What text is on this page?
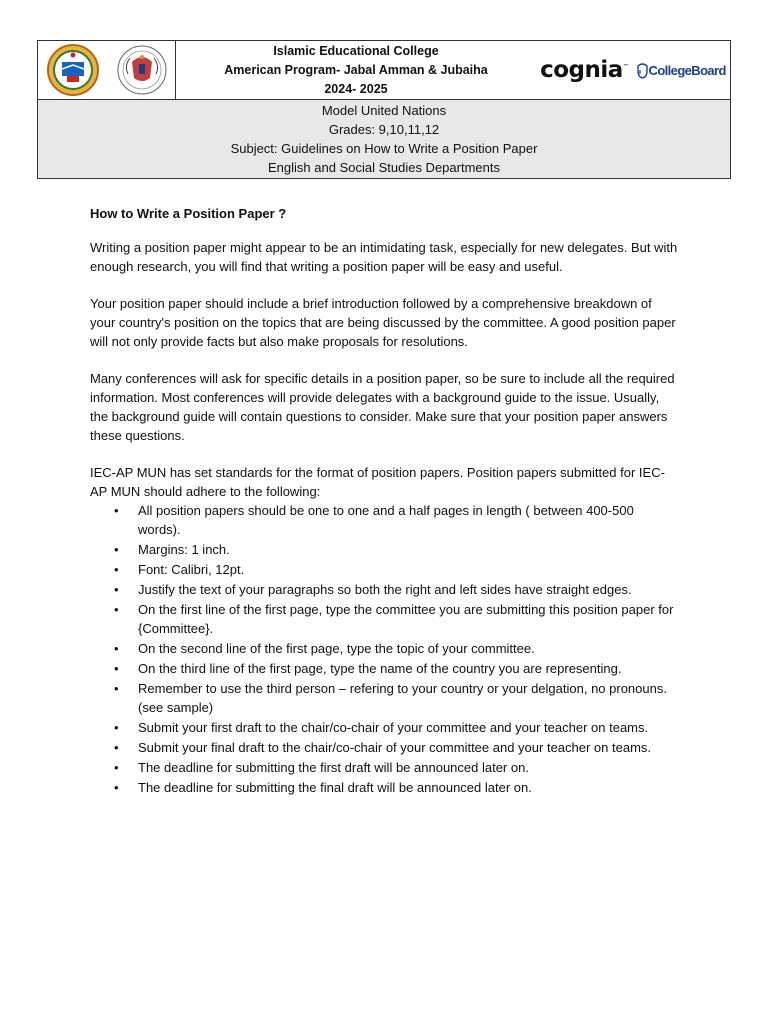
Islamic Educational College
American Program- Jabal Amman & Jubaiha
2024- 2025
cognia™ CollegeBoard
Model United Nations
Grades: 9,10,11,12
Subject: Guidelines on How to Write a Position Paper
English and Social Studies Departments
How to Write a Position Paper ?

Writing a position paper might appear to be an intimidating task, especially for new delegates. But with enough research, you will find that writing a position paper will be easy and useful.

Your position paper should include a brief introduction followed by a comprehensive breakdown of your country's position on the topics that are being discussed by the committee. A good position paper will not only provide facts but also make proposals for resolutions.

Many conferences will ask for specific details in a position paper, so be sure to include all the required information. Most conferences will provide delegates with a background guide to the issue. Usually, the background guide will contain questions to consider. Make sure that your position paper answers these questions.

IEC-AP MUN has set standards for the format of position papers. Position papers submitted for IEC-AP MUN should adhere to the following:

• All position papers should be one to one and a half pages in length ( between 400-500 words).
• Margins: 1 inch.
• Font: Calibri, 12pt.
• Justify the text of your paragraphs so both the right and left sides have straight edges.
• On the first line of the first page, type the committee you are submitting this position paper for {Committee}.
• On the second line of the first page, type the topic of your committee.
• On the third line of the first page, type the name of the country you are representing.
• Remember to use the third person – refering to your country or your delgation, no pronouns. (see sample)
• Submit your first draft to the chair/co-chair of your committee and your teacher on teams.
• Submit your final draft to the chair/co-chair of your committee and your teacher on teams.
• The deadline for submitting the first draft will be announced later on.
• The deadline for submitting the final draft will be announced later on.
